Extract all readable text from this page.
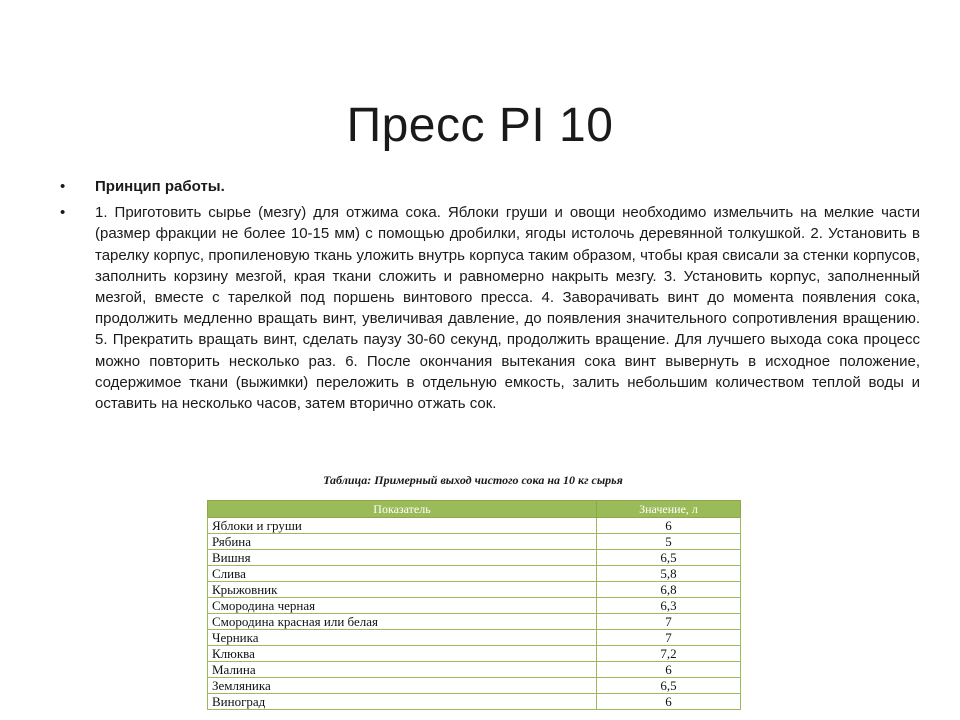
Пресс PI 10
•	Принцип работы.
•	1. Приготовить сырье (мезгу) для отжима сока. Яблоки груши и овощи необходимо измельчить на мелкие части (размер фракции не более 10-15 мм) с помощью дробилки, ягоды истолочь деревянной толкушкой. 2. Установить в тарелку корпус, пропиленовую ткань уложить внутрь корпуса таким образом, чтобы края свисали за стенки корпусов, заполнить корзину мезгой, края ткани сложить и равномерно накрыть мезгу. 3. Установить корпус, заполненный мезгой, вместе с тарелкой под поршень винтового пресса. 4. Заворачивать винт до момента появления сока, продолжить медленно вращать винт, увеличивая давление, до появления значительного сопротивления вращению. 5. Прекратить вращать винт, сделать паузу 30-60 секунд, продолжить вращение. Для лучшего выхода сока процесс можно повторить несколько раз. 6. После окончания вытекания сока винт вывернуть в исходное положение, содержимое ткани (выжимки) переложить в отдельную емкость, залить небольшим количеством теплой воды и оставить на несколько часов, затем вторично отжать сок.
Таблица: Примерный выход чистого сока на 10 кг сырья
Показатель	Значение, л
Яблоки и груши	6
Рябина	5
Вишня	6,5
Слива	5,8
Крыжовник	6,8
Смородина черная	6,3
Смородина красная или белая	7
Черника	7
Клюква	7,2
Малина	6
Земляника	6,5
Виноград	6
